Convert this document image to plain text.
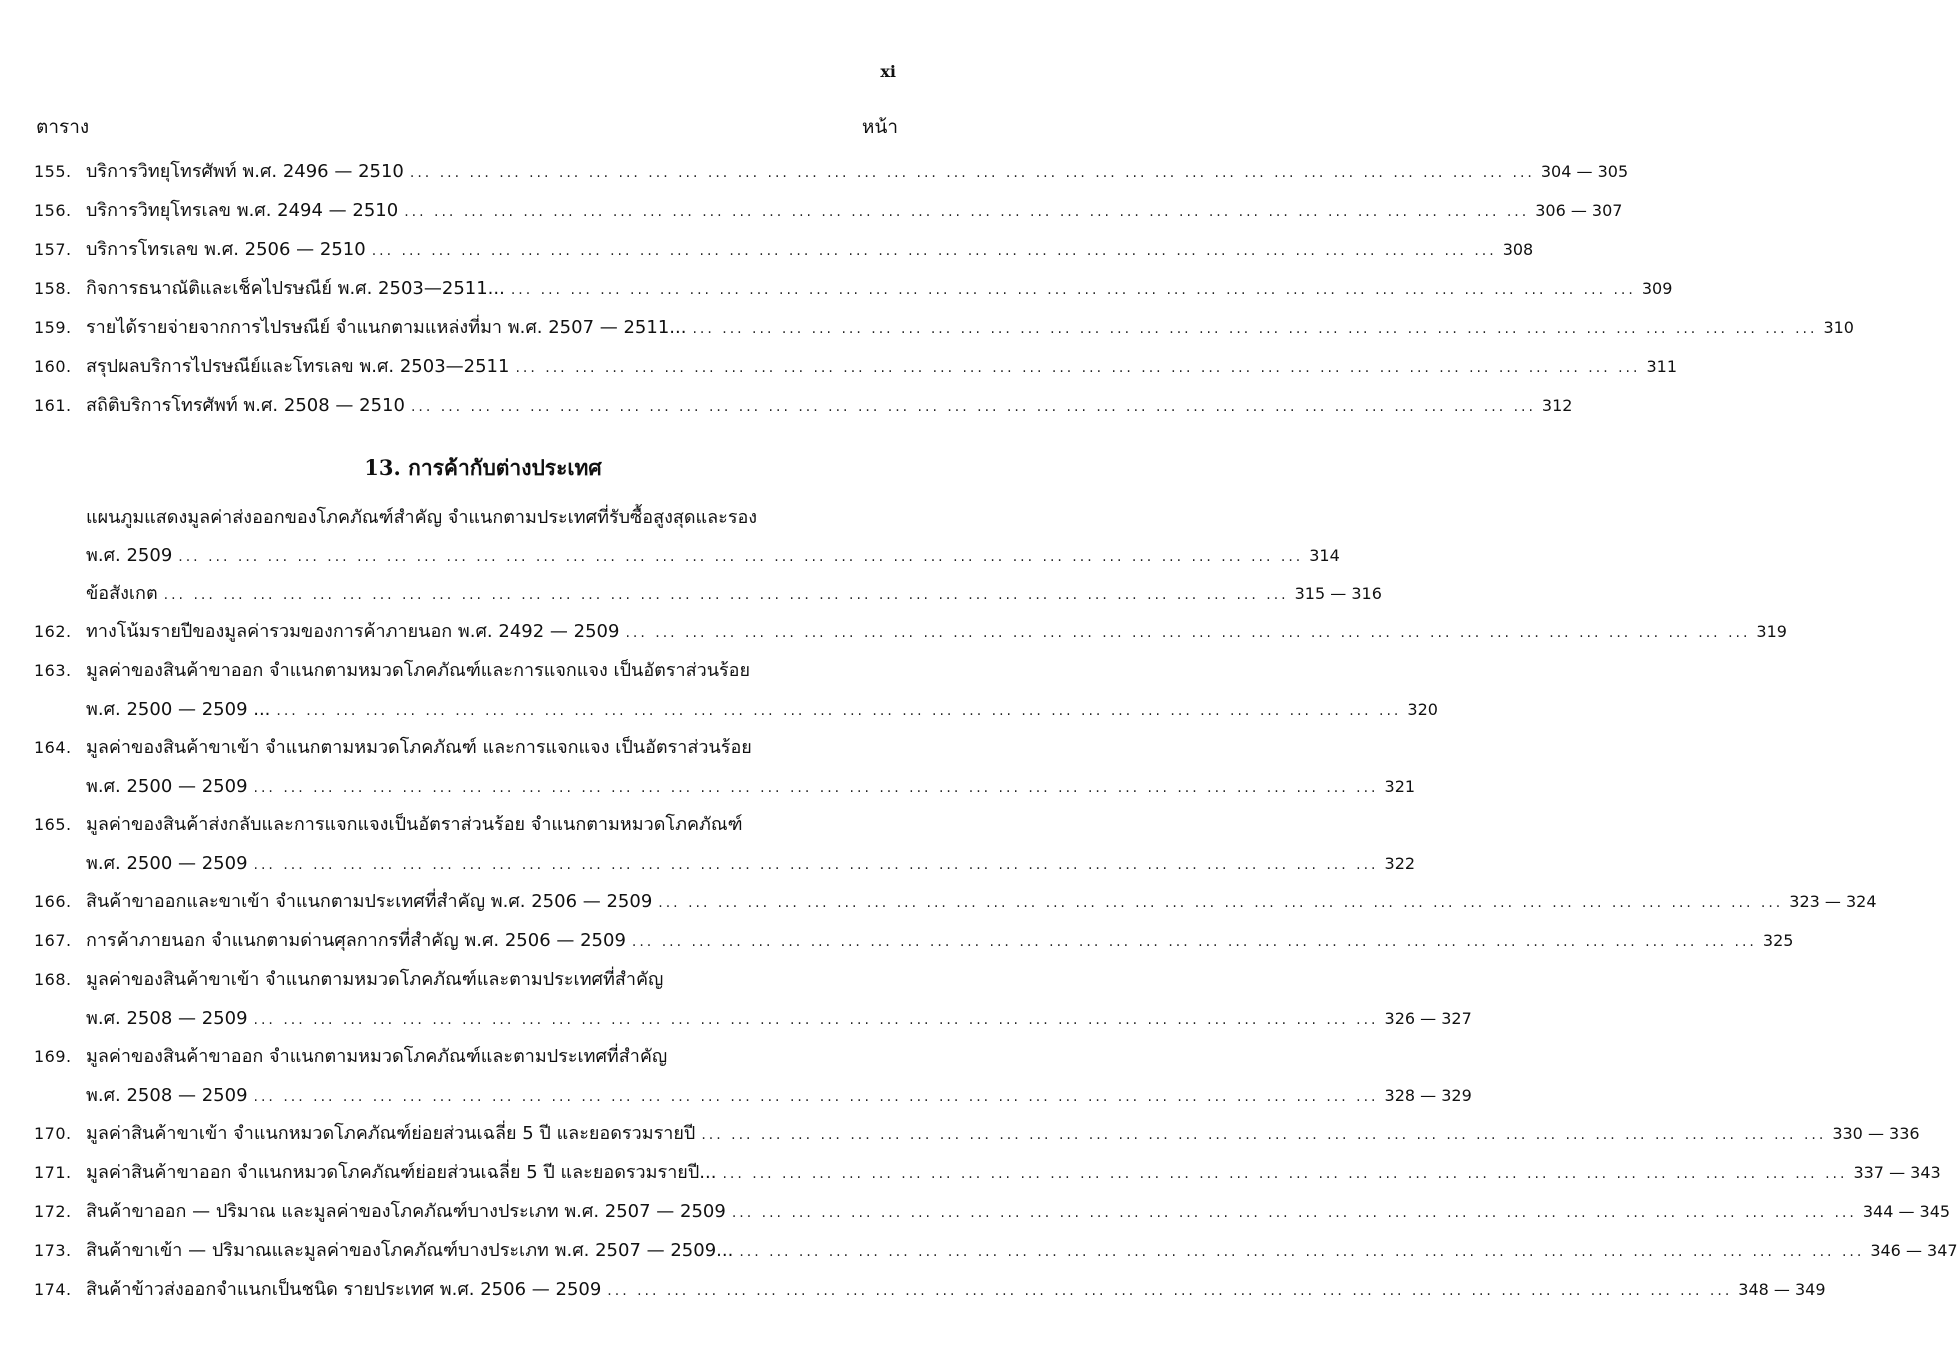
xi
ตาราง	หน้า
155. บริการวิทยุโทรศัพท์ พ.ศ. 2496 — 2510 ... .	304 — 305
156. บริการวิทยุโทรเลข พ.ศ. 2494 — 2510 ... .	306 — 307
157. บริการโทรเลข พ.ศ. 2506 — 2510 ... .	308
158. กิจการธนาณัติและเช็คไปรษณีย์ พ.ศ. 2503—2511... ... .	309
159. รายได้รายจ่ายจากการไปรษณีย์ จำแนกตามแหล่งที่มา พ.ศ. 2507 — 2511... ... .	310
160. สรุปผลบริการไปรษณีย์และโทรเลข พ.ศ. 2503—2511 ... .	311
161. สถิติบริการโทรศัพท์ พ.ศ. 2508 — 2510 ... .	312
13. การค้ากับต่างประเทศ
แผนภูมแสดงมูลค่าส่งออกของโภคภัณฑ์สำคัญ จำแนกตามประเทศที่รับซื้อสูงสุดและรอง
พ.ศ. 2509 ... .	314
ข้อสังเกต ... .	315 — 316
162. ทางโน้มรายปีของมูลค่ารวมของการค้าภายนอก พ.ศ. 2492 — 2509 ... .	319
163. มูลค่าของสินค้าขาออก จำแนกตามหมวดโภคภัณฑ์และการแจกแจง เป็นอัตราส่วนร้อย
พ.ศ. 2500 — 2509 ... ... .	320
164. มูลค่าของสินค้าขาเข้า จำแนกตามหมวดโภคภัณฑ์ และการแจกแจง เป็นอัตราส่วนร้อย
พ.ศ. 2500 — 2509 ... .	321
165. มูลค่าของสินค้าส่งกลับและการแจกแจงเป็นอัตราส่วนร้อย จำแนกตามหมวดโภคภัณฑ์
พ.ศ. 2500 — 2509 ... .	322
166. สินค้าขาออกและขาเข้า จำแนกตามประเทศที่สำคัญ พ.ศ. 2506 — 2509 ... .	323 — 324
167. การค้าภายนอก จำแนกตามด่านศุลกากรที่สำคัญ พ.ศ. 2506 — 2509 ... .	325
168. มูลค่าของสินค้าขาเข้า จำแนกตามหมวดโภคภัณฑ์และตามประเทศที่สำคัญ
พ.ศ. 2508 — 2509 ... .	326 — 327
169. มูลค่าของสินค้าขาออก จำแนกตามหมวดโภคภัณฑ์และตามประเทศที่สำคัญ
พ.ศ. 2508 — 2509 ... .	328 — 329
170. มูลค่าสินค้าขาเข้า จำแนกหมวดโภคภัณฑ์ย่อยส่วนเฉลี่ย 5 ปี และยอดรวมรายปี ... .	330 — 336
171. มูลค่าสินค้าขาออก จำแนกหมวดโภคภัณฑ์ย่อยส่วนเฉลี่ย 5 ปี และยอดรวมรายปี... ... .	337 — 343
172. สินค้าขาออก — ปริมาณ และมูลค่าของโภคภัณฑ์บางประเภท พ.ศ. 2507 — 2509 ... .	344 — 345
173. สินค้าขาเข้า — ปริมาณและมูลค่าของโภคภัณฑ์บางประเภท พ.ศ. 2507 — 2509... ... .	346 — 347
174. สินค้าข้าวส่งออกจำแนกเป็นชนิด รายประเทศ พ.ศ. 2506 — 2509 ... .	348 — 349
